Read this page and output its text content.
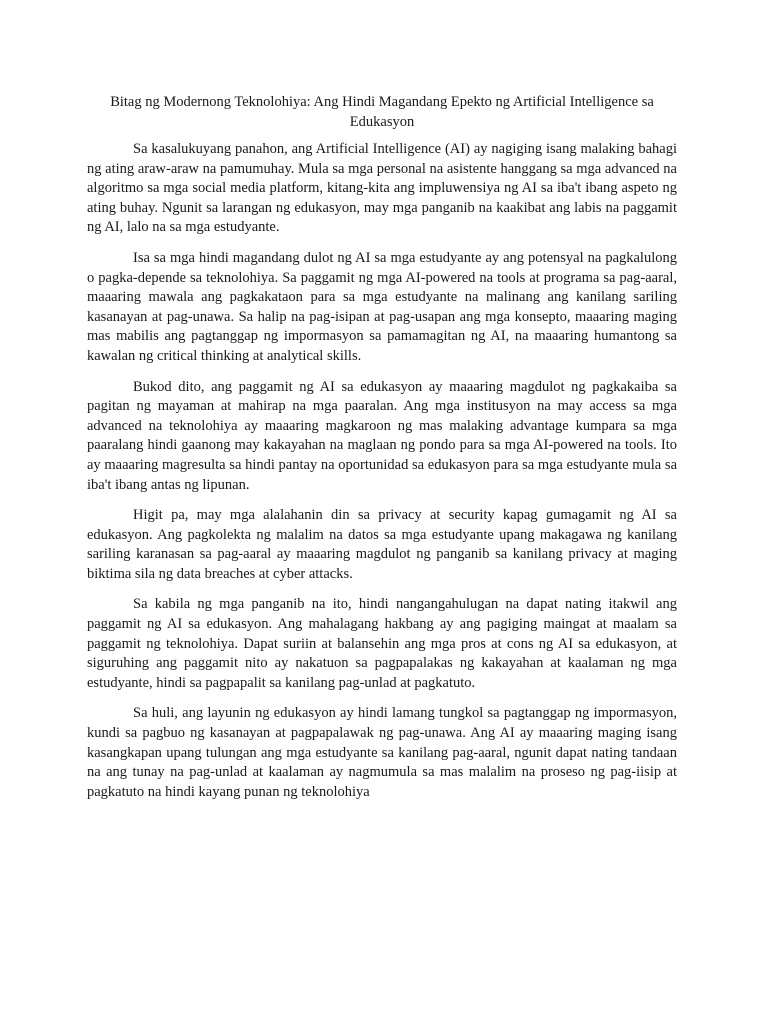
Bitag ng Modernong Teknolohiya: Ang Hindi Magandang Epekto ng Artificial Intelligence sa Edukasyon

Sa kasalukuyang panahon, ang Artificial Intelligence (AI) ay nagiging isang malaking bahagi ng ating araw-araw na pamumuhay. Mula sa mga personal na asistente hanggang sa mga advanced na algoritmo sa mga social media platform, kitang-kita ang impluwensiya ng AI sa iba't ibang aspeto ng ating buhay. Ngunit sa larangan ng edukasyon, may mga panganib na kaakibat ang labis na paggamit ng AI, lalo na sa mga estudyante.

Isa sa mga hindi magandang dulot ng AI sa mga estudyante ay ang potensyal na pagkalulong o pagka-depende sa teknolohiya. Sa paggamit ng mga AI-powered na tools at programa sa pag-aaral, maaaring mawala ang pagkakataon para sa mga estudyante na malinang ang kanilang sariling kasanayan at pag-unawa. Sa halip na pag-isipan at pag-usapan ang mga konsepto, maaaring maging mas mabilis ang pagtanggap ng impormasyon sa pamamagitan ng AI, na maaaring humantong sa kawalan ng critical thinking at analytical skills.

Bukod dito, ang paggamit ng AI sa edukasyon ay maaaring magdulot ng pagkakaiba sa pagitan ng mayaman at mahirap na mga paaralan. Ang mga institusyon na may access sa mga advanced na teknolohiya ay maaaring magkaroon ng mas malaking advantage kumpara sa mga paaralang hindi gaanong may kakayahan na maglaan ng pondo para sa mga AI-powered na tools. Ito ay maaaring magresulta sa hindi pantay na oportunidad sa edukasyon para sa mga estudyante mula sa iba't ibang antas ng lipunan.

Higit pa, may mga alalahanin din sa privacy at security kapag gumagamit ng AI sa edukasyon. Ang pagkolekta ng malalim na datos sa mga estudyante upang makagawa ng kanilang sariling karanasan sa pag-aaral ay maaaring magdulot ng panganib sa kanilang privacy at maging biktima sila ng data breaches at cyber attacks.

Sa kabila ng mga panganib na ito, hindi nangangahulugan na dapat nating itakwil ang paggamit ng AI sa edukasyon. Ang mahalagang hakbang ay ang pagiging maingat at maalam sa paggamit ng teknolohiya. Dapat suriin at balansehin ang mga pros at cons ng AI sa edukasyon, at siguruhing ang paggamit nito ay nakatuon sa pagpapalakas ng kakayahan at kaalaman ng mga estudyante, hindi sa pagpapalit sa kanilang pag-unlad at pagkatuto.

Sa huli, ang layunin ng edukasyon ay hindi lamang tungkol sa pagtanggap ng impormasyon, kundi sa pagbuo ng kasanayan at pagpapalawak ng pag-unawa. Ang AI ay maaaring maging isang kasangkapan upang tulungan ang mga estudyante sa kanilang pag-aaral, ngunit dapat nating tandaan na ang tunay na pag-unlad at kaalaman ay nagmumula sa mas malalim na proseso ng pag-iisip at pagkatuto na hindi kayang punan ng teknolohiya
